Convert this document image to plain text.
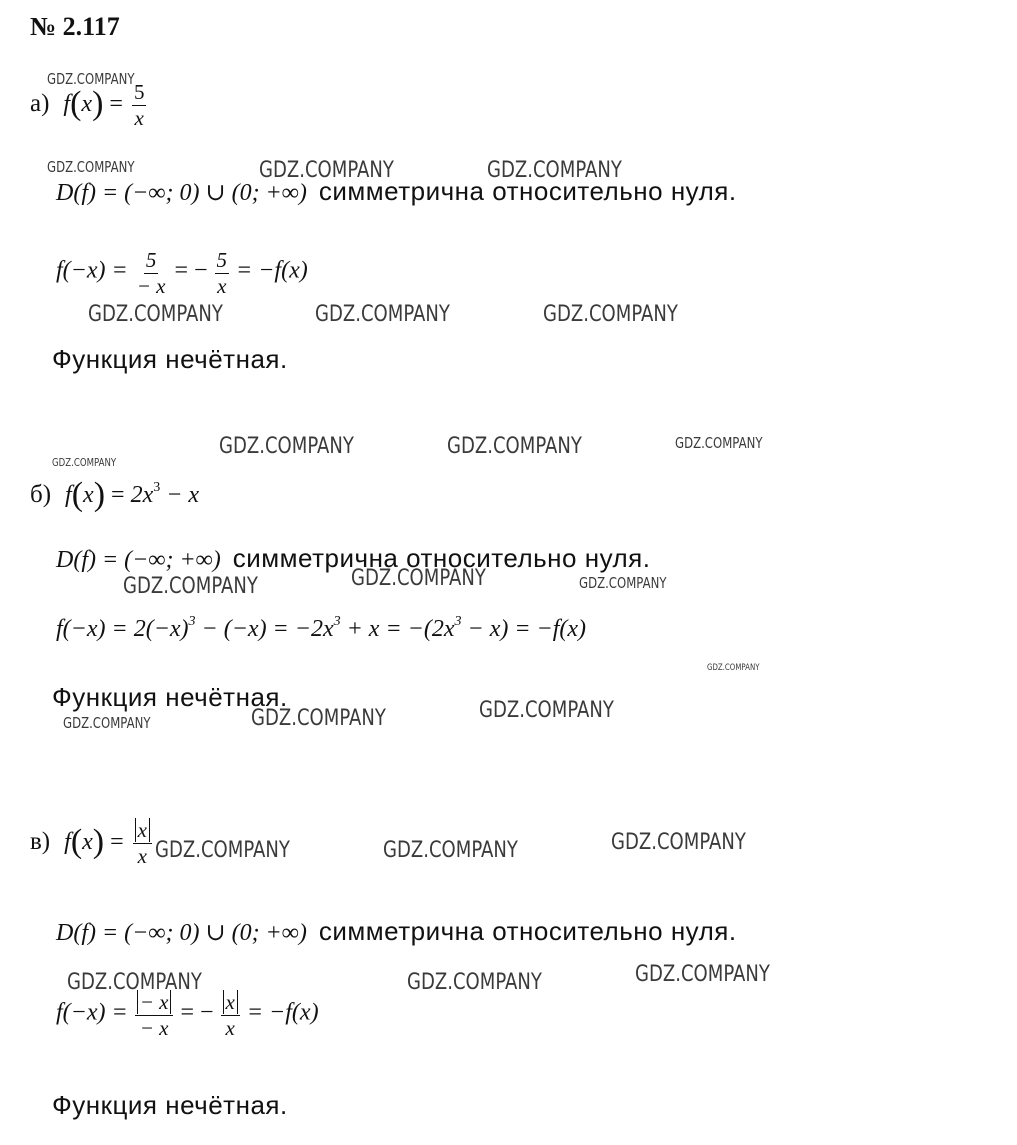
№ 2.117
а) $f(x) = \frac{5}{x}$
D(f) = (−∞; 0) ∪ (0; +∞) симметрична относительно нуля.
$f(-x) = \frac{5}{- x}$ = − $\frac{5}{x} = -f(x)$
Функция нечётная.
б) $f(x) = 2x^3 - x$
D(f) = (−∞; +∞) симметрична относительно нуля.
$f(-x) = 2(-x)^3 - (-x) = -2x^3 + x = -(2x^3 - x) = -f(x)$
Функция нечётная.
в) $f(x) = \frac{x}{x}$
D(f) = (−∞; 0) ∪ (0; +∞) симметрична относительно нуля.
$f(-x) = \frac{- x}{- x}$ = − $\frac{x}{x} = -f(x)$
Функция нечётная.
GDZ.COMPANY
GDZ.COMPANY	GDZ.COMPANY	GDZ.COMPANY
GDZ.COMPANY	GDZ.COMPANY	GDZ.COMPANY
GDZ.COMPANY	GDZ.COMPANY	GDZ.COMPANY
GDZ.COMPANY
GDZ.COMPANY	GDZ.COMPANY	GDZ.COMPANY
GDZ.COMPANY
GDZ.COMPANY	GDZ.COMPANY	GDZ.COMPANY
GDZ.COMPANY	GDZ.COMPANY	GDZ.COMPANY
GDZ.COMPANY	GDZ.COMPANY	GDZ.COMPANY
